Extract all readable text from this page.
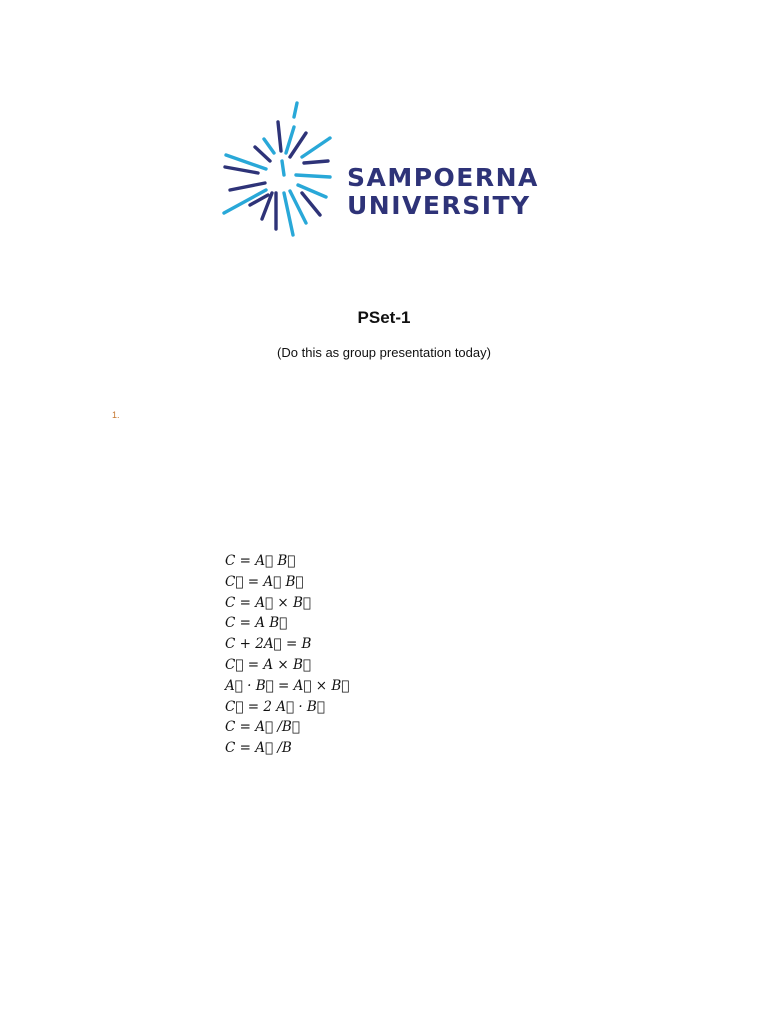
SAMPOERNA
UNIVERSITY
PSet-1
(Do this as group presentation today)
1.
C = A⃗ B⃗
C⃗ = A⃗ B⃗
C = A⃗ × B⃗
C = A B⃗
C + 2A⃗ = B
C⃗ = A × B⃗
A⃗ · B⃗ = A⃗ × B⃗
C⃗ = 2 A⃗ · B⃗
C = A⃗ /B⃗
C = A⃗ /B
